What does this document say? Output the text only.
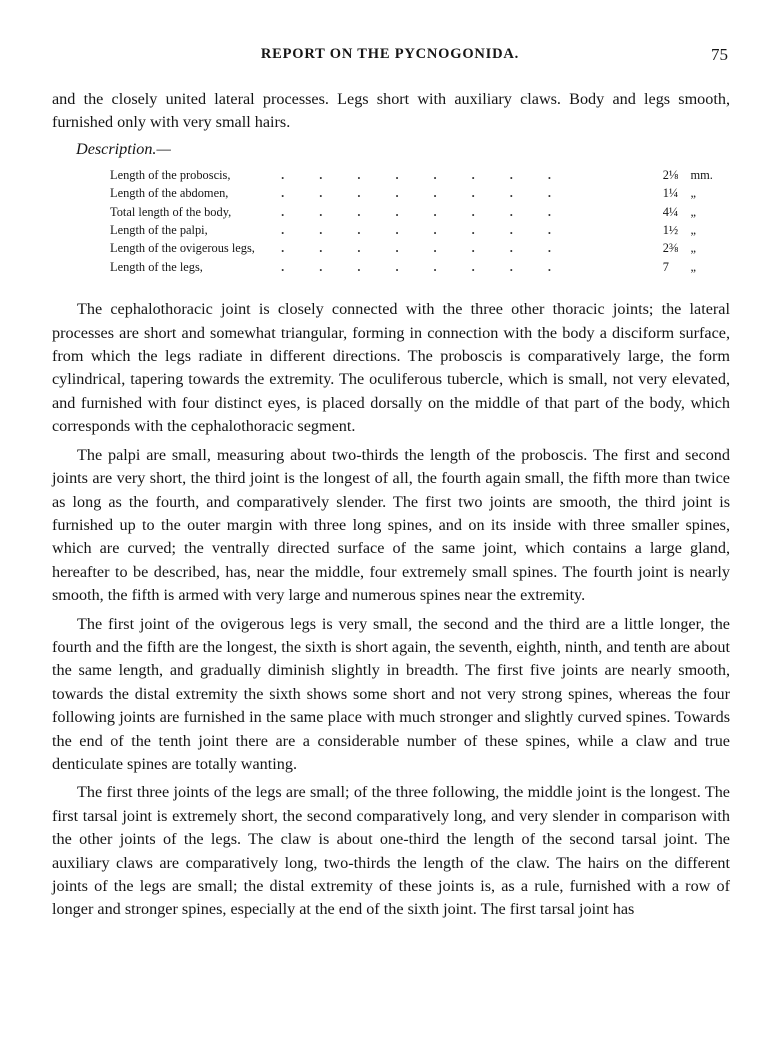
REPORT ON THE PYCNOGONIDA.	75

and the closely united lateral processes. Legs short with auxiliary claws. Body and legs smooth, furnished only with very small hairs.

Description.—
Length of the proboscis,	........	2⅛	mm.
Length of the abdomen,	........	1¼	„
Total length of the body,	........	4¼	„
Length of the palpi,	........	1½	„
Length of the ovigerous legs,	........	2⅜	„
Length of the legs,	........	7	„

The cephalothoracic joint is closely connected with the three other thoracic joints; the lateral processes are short and somewhat triangular, forming in connection with the body a disciform surface, from which the legs radiate in different directions. The proboscis is comparatively large, the form cylindrical, tapering towards the extremity. The oculiferous tubercle, which is small, not very elevated, and furnished with four distinct eyes, is placed dorsally on the middle of that part of the body, which corresponds with the cephalothoracic segment.

The palpi are small, measuring about two-thirds the length of the proboscis. The first and second joints are very short, the third joint is the longest of all, the fourth again small, the fifth more than twice as long as the fourth, and comparatively slender. The first two joints are smooth, the third joint is furnished up to the outer margin with three long spines, and on its inside with three smaller spines, which are curved; the ventrally directed surface of the same joint, which contains a large gland, hereafter to be described, has, near the middle, four extremely small spines. The fourth joint is nearly smooth, the fifth is armed with very large and numerous spines near the extremity.

The first joint of the ovigerous legs is very small, the second and the third are a little longer, the fourth and the fifth are the longest, the sixth is short again, the seventh, eighth, ninth, and tenth are about the same length, and gradually diminish slightly in breadth. The first five joints are nearly smooth, towards the distal extremity the sixth shows some short and not very strong spines, whereas the four following joints are furnished in the same place with much stronger and slightly curved spines. Towards the end of the tenth joint there are a considerable number of these spines, while a claw and true denticulate spines are totally wanting.

The first three joints of the legs are small; of the three following, the middle joint is the longest. The first tarsal joint is extremely short, the second comparatively long, and very slender in comparison with the other joints of the legs. The claw is about one-third the length of the second tarsal joint. The auxiliary claws are comparatively long, two-thirds the length of the claw. The hairs on the different joints of the legs are small; the distal extremity of these joints is, as a rule, furnished with a row of longer and stronger spines, especially at the end of the sixth joint. The first tarsal joint has
